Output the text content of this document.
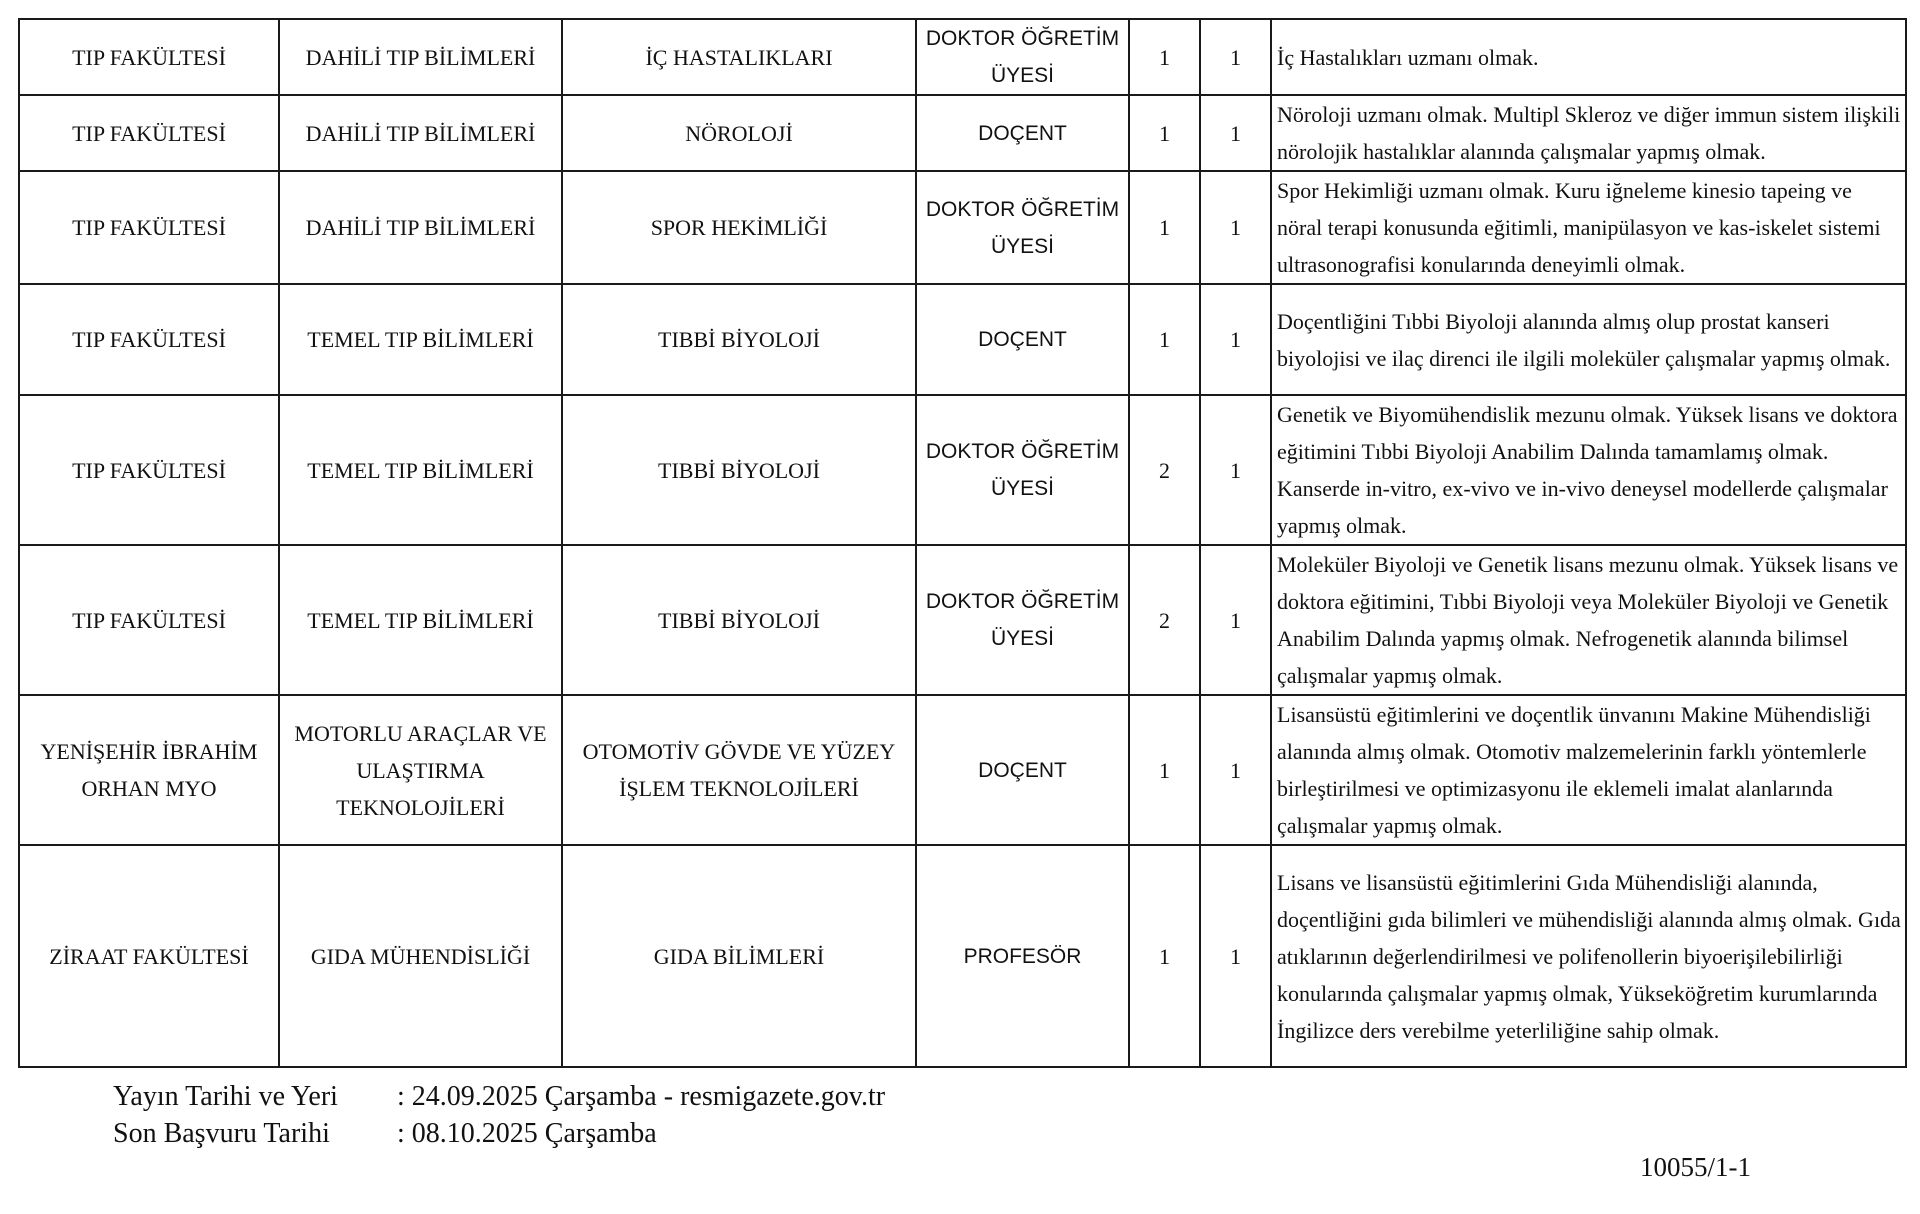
TIP FAKÜLTESİ	DAHİLİ TIP BİLİMLERİ	İÇ HASTALIKLARI	DOKTOR ÖĞRETİM ÜYESİ	1	1	İç Hastalıkları uzmanı olmak.
TIP FAKÜLTESİ	DAHİLİ TIP BİLİMLERİ	NÖROLOJİ	DOÇENT	1	1	Nöroloji uzmanı olmak. Multipl Skleroz ve diğer immun sistem ilişkili nörolojik hastalıklar alanında çalışmalar yapmış olmak.
TIP FAKÜLTESİ	DAHİLİ TIP BİLİMLERİ	SPOR HEKİMLİĞİ	DOKTOR ÖĞRETİM ÜYESİ	1	1	Spor Hekimliği uzmanı olmak. Kuru iğneleme kinesio tapeing ve nöral terapi konusunda eğitimli, manipülasyon ve kas-iskelet sistemi ultrasonografisi konularında deneyimli olmak.
TIP FAKÜLTESİ	TEMEL TIP BİLİMLERİ	TIBBİ BİYOLOJİ	DOÇENT	1	1	Doçentliğini Tıbbi Biyoloji alanında almış olup prostat kanseri biyolojisi ve ilaç direnci ile ilgili moleküler çalışmalar yapmış olmak.
TIP FAKÜLTESİ	TEMEL TIP BİLİMLERİ	TIBBİ BİYOLOJİ	DOKTOR ÖĞRETİM ÜYESİ	2	1	Genetik ve Biyomühendislik mezunu olmak. Yüksek lisans ve doktora eğitimini Tıbbi Biyoloji Anabilim Dalında tamamlamış olmak. Kanserde in-vitro, ex-vivo ve in-vivo deneysel modellerde çalışmalar yapmış olmak.
TIP FAKÜLTESİ	TEMEL TIP BİLİMLERİ	TIBBİ BİYOLOJİ	DOKTOR ÖĞRETİM ÜYESİ	2	1	Moleküler Biyoloji ve Genetik lisans mezunu olmak. Yüksek lisans ve doktora eğitimini, Tıbbi Biyoloji veya Moleküler Biyoloji ve Genetik Anabilim Dalında yapmış olmak. Nefrogenetik alanında bilimsel çalışmalar yapmış olmak.
YENİŞEHİR İBRAHİM ORHAN MYO	MOTORLU ARAÇLAR VE ULAŞTIRMA TEKNOLOJİLERİ	OTOMOTİV GÖVDE VE YÜZEY İŞLEM TEKNOLOJİLERİ	DOÇENT	1	1	Lisansüstü eğitimlerini ve doçentlik ünvanını Makine Mühendisliği alanında almış olmak. Otomotiv malzemelerinin farklı yöntemlerle birleştirilmesi ve optimizasyonu ile eklemeli imalat alanlarında çalışmalar yapmış olmak.
ZİRAAT FAKÜLTESİ	GIDA MÜHENDİSLİĞİ	GIDA BİLİMLERİ	PROFESÖR	1	1	Lisans ve lisansüstü eğitimlerini Gıda Mühendisliği alanında, doçentliğini gıda bilimleri ve mühendisliği alanında almış olmak. Gıda atıklarının değerlendirilmesi ve polifenollerin biyoerişilebilirliği konularında çalışmalar yapmış olmak, Yükseköğretim kurumlarında İngilizce ders verebilme yeterliliğine sahip olmak.
Yayın Tarihi ve Yeri	: 24.09.2025 Çarşamba - resmigazete.gov.tr
Son Başvuru Tarihi	: 08.10.2025 Çarşamba
10055/1-1
